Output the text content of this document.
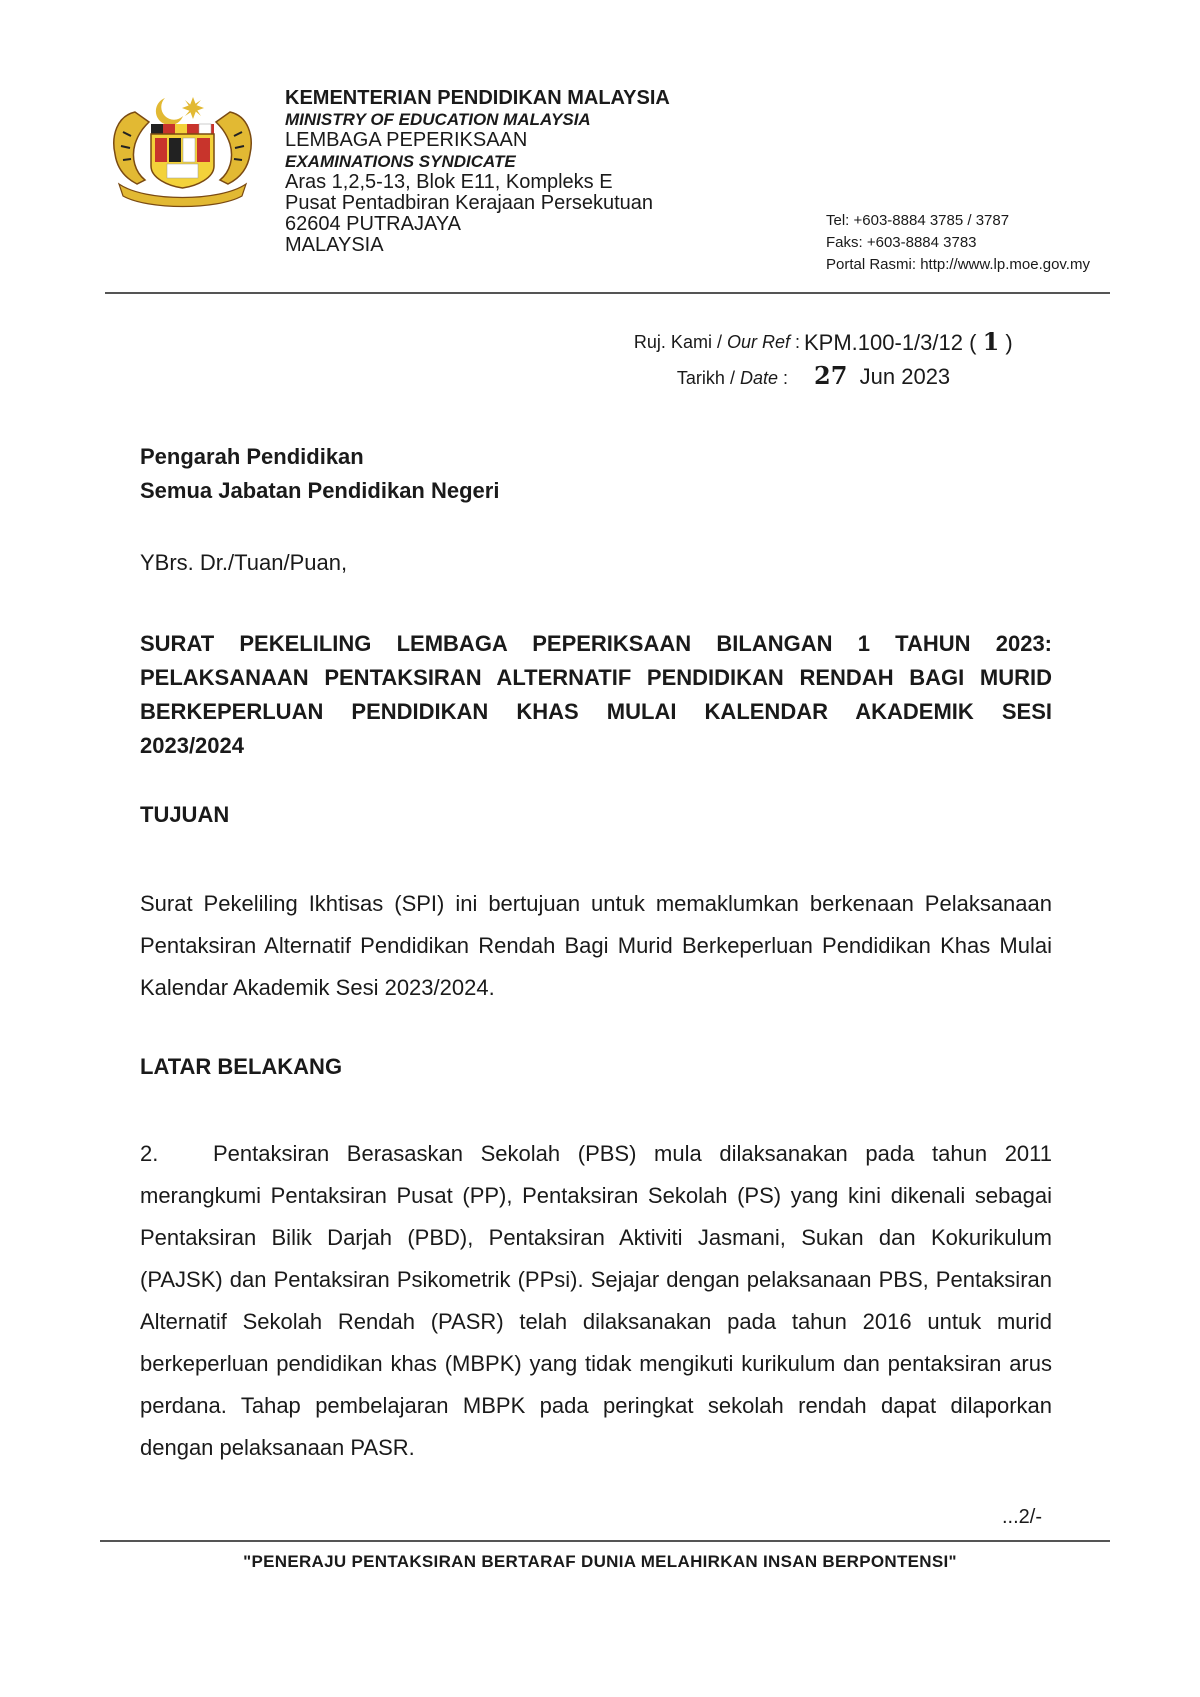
KEMENTERIAN PENDIDIKAN MALAYSIA
MINISTRY OF EDUCATION MALAYSIA
LEMBAGA PEPERIKSAAN
EXAMINATIONS SYNDICATE
Aras 1,2,5-13, Blok E11, Kompleks E
Pusat Pentadbiran Kerajaan Persekutuan
62604 PUTRAJAYA
MALAYSIA
Tel: +603-8884 3785 / 3787
Faks: +603-8884 3783
Portal Rasmi: http://www.lp.moe.gov.my
Ruj. Kami / Our Ref : KPM.100-1/3/12 ( 1 )
Tarikh / Date : 27 Jun 2023
Pengarah Pendidikan
Semua Jabatan Pendidikan Negeri
YBrs. Dr./Tuan/Puan,
SURAT PEKELILING LEMBAGA PEPERIKSAAN BILANGAN 1 TAHUN 2023: PELAKSANAAN PENTAKSIRAN ALTERNATIF PENDIDIKAN RENDAH BAGI MURID BERKEPERLUAN PENDIDIKAN KHAS MULAI KALENDAR AKADEMIK SESI 2023/2024
TUJUAN
Surat Pekeliling Ikhtisas (SPI) ini bertujuan untuk memaklumkan berkenaan Pelaksanaan Pentaksiran Alternatif Pendidikan Rendah Bagi Murid Berkeperluan Pendidikan Khas Mulai Kalendar Akademik Sesi 2023/2024.
LATAR BELAKANG
2. Pentaksiran Berasaskan Sekolah (PBS) mula dilaksanakan pada tahun 2011 merangkumi Pentaksiran Pusat (PP), Pentaksiran Sekolah (PS) yang kini dikenali sebagai Pentaksiran Bilik Darjah (PBD), Pentaksiran Aktiviti Jasmani, Sukan dan Kokurikulum (PAJSK) dan Pentaksiran Psikometrik (PPsi). Sejajar dengan pelaksanaan PBS, Pentaksiran Alternatif Sekolah Rendah (PASR) telah dilaksanakan pada tahun 2016 untuk murid berkeperluan pendidikan khas (MBPK) yang tidak mengikuti kurikulum dan pentaksiran arus perdana. Tahap pembelajaran MBPK pada peringkat sekolah rendah dapat dilaporkan dengan pelaksanaan PASR.
...2/-
"PENERAJU PENTAKSIRAN BERTARAF DUNIA MELAHIRKAN INSAN BERPONTENSI"
